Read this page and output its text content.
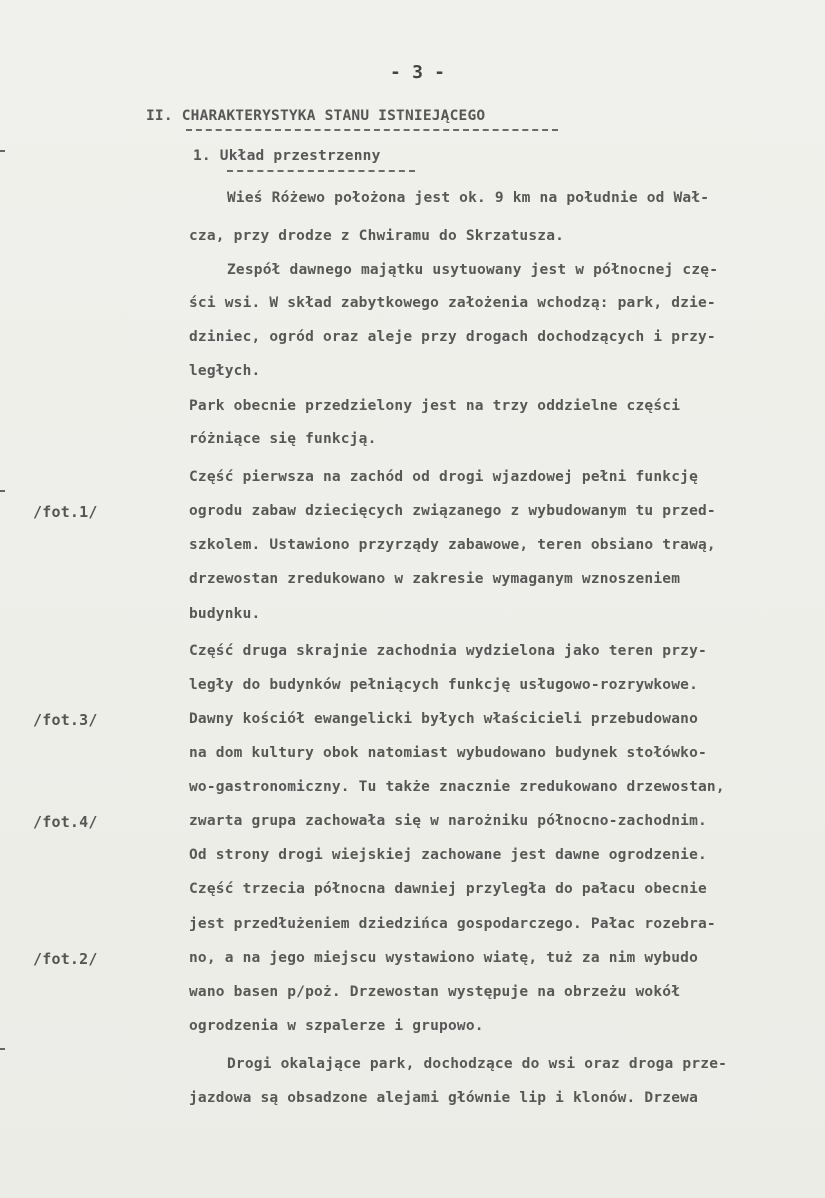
- 3 -
II. CHARAKTERYSTYKA STANU ISTNIEJĄCEGO
1. Układ przestrzenny
Wieś Różewo położona jest ok. 9 km na południe od Wał-
cza, przy drodze z Chwiramu do Skrzatusza.
Zespół dawnego majątku usytuowany jest w północnej czę-
ści wsi. W skład zabytkowego założenia wchodzą: park, dzie-
dziniec, ogród oraz aleje przy drogach dochodzących i przy-
ległych.
Park obecnie przedzielony jest na trzy oddzielne części
różniące się funkcją.
Część pierwsza na zachód od drogi wjazdowej pełni funkcję
ogrodu zabaw dziecięcych związanego z wybudowanym tu przed-
szkolem. Ustawiono przyrządy zabawowe, teren obsiano trawą,
drzewostan zredukowano w zakresie wymaganym wznoszeniem
budynku.
Część druga skrajnie zachodnia wydzielona jako teren przy-
legły do budynków pełniących funkcję usługowo-rozrywkowe.
Dawny kościół ewangelicki byłych właścicieli przebudowano
na dom kultury obok natomiast wybudowano budynek stołówko-
wo-gastronomiczny. Tu także znacznie zredukowano drzewostan,
zwarta grupa zachowała się w narożniku północno-zachodnim.
Od strony drogi wiejskiej zachowane jest dawne ogrodzenie.
Część trzecia północna dawniej przyległa do pałacu obecnie
jest przedłużeniem dziedzińca gospodarczego. Pałac rozebra-
no, a na jego miejscu wystawiono wiatę, tuż za nim wybudo
wano basen p/poż. Drzewostan występuje na obrzeżu wokół
ogrodzenia w szpalerze i grupowo.
Drogi okalające park, dochodzące do wsi oraz droga prze-
jazdowa są obsadzone alejami głównie lip i klonów. Drzewa
/fot.1/
/fot.3/
/fot.4/
/fot.2/
